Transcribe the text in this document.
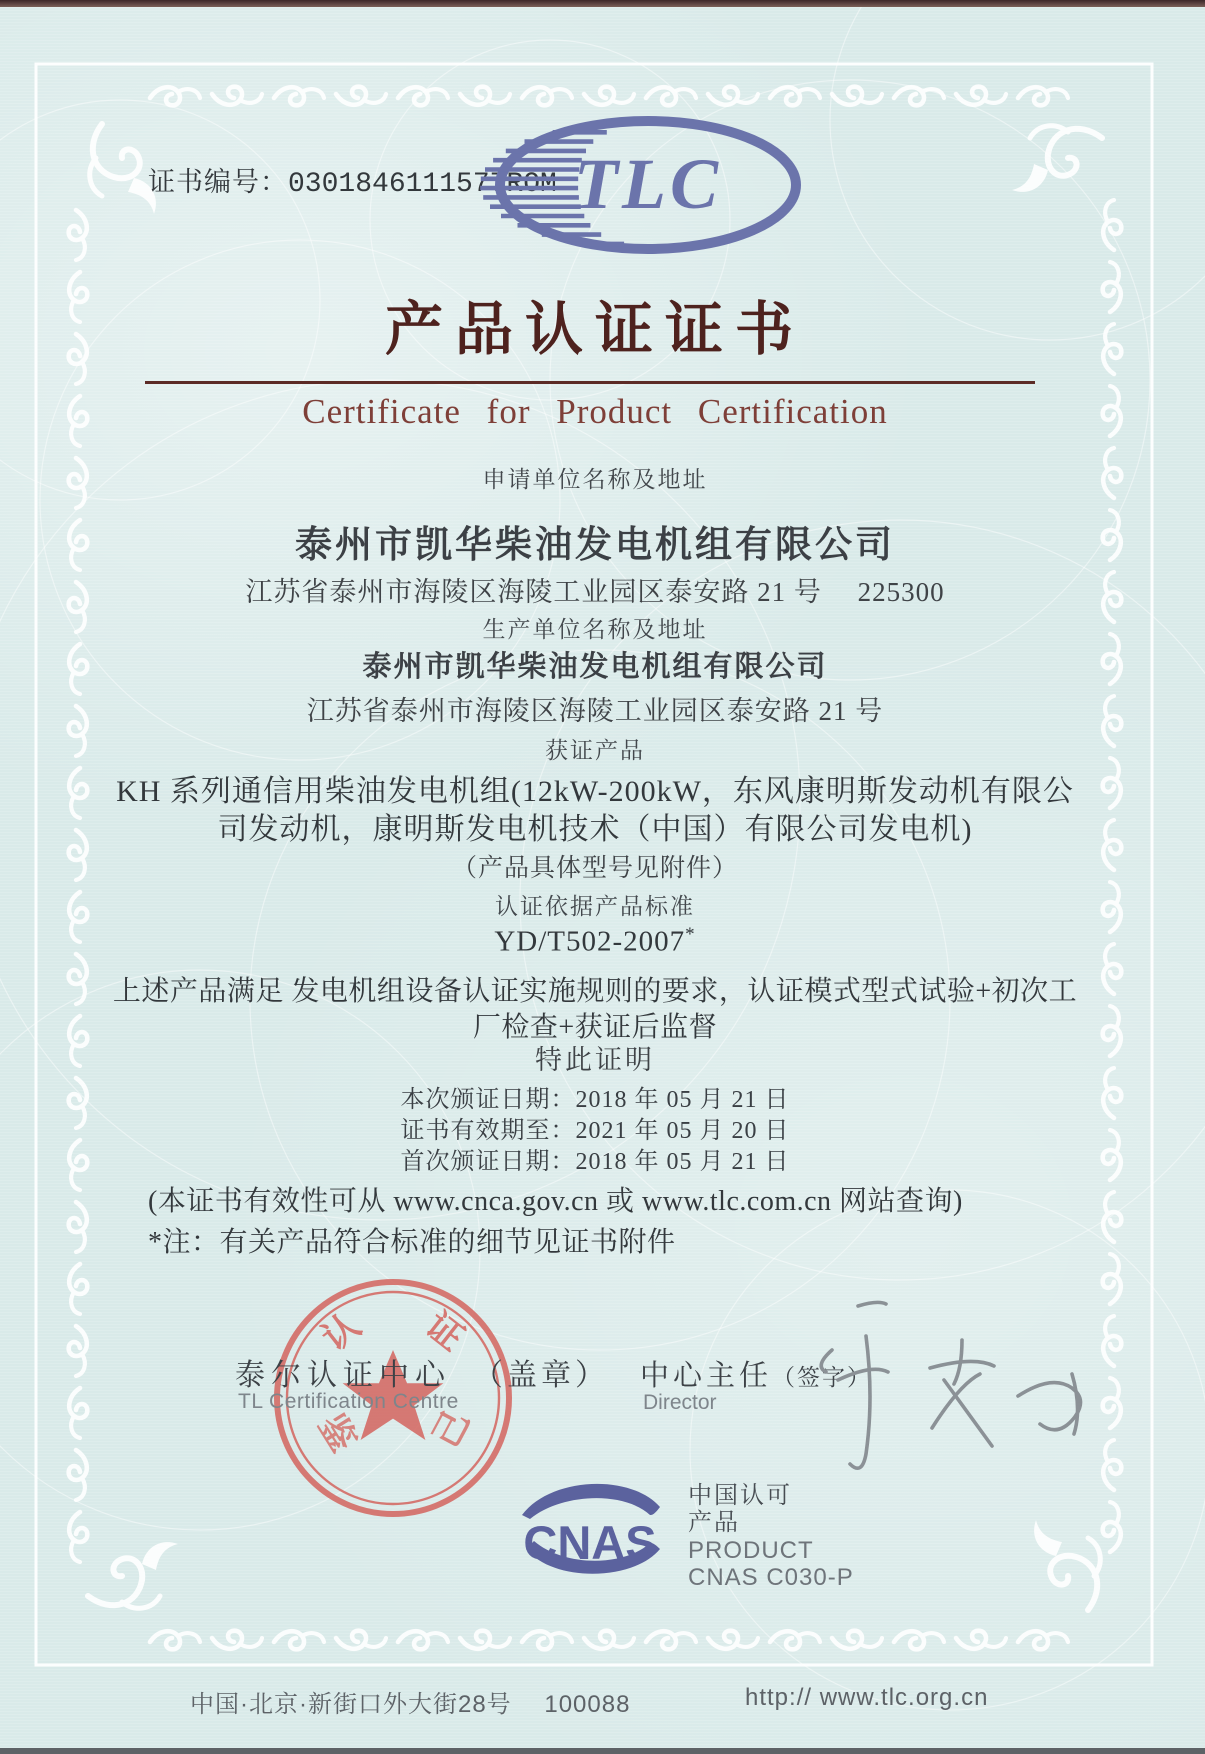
证书编号：0301846111577ROM TLC
产品认证证书
Certificate for Product Certification
申请单位名称及地址
泰州市凯华柴油发电机组有限公司
江苏省泰州市海陵区海陵工业园区泰安路 21 号　 225300
生产单位名称及地址
泰州市凯华柴油发电机组有限公司
江苏省泰州市海陵区海陵工业园区泰安路 21 号
获证产品
KH 系列通信用柴油发电机组(12kW-200kW，东风康明斯发动机有限公
司发动机，康明斯发电机技术（中国）有限公司发电机)
（产品具体型号见附件）
认证依据产品标准
YD/T502-2007*
上述产品满足 发电机组设备认证实施规则的要求，认证模式型式试验+初次工
厂检查+获证后监督
特此证明
本次颁证日期：2018 年 05 月 21 日
证书有效期至：2021 年 05 月 20 日
首次颁证日期：2018 年 05 月 21 日
(本证书有效性可从 www.cnca.gov.cn 或 www.tlc.com.cn 网站查询)
*注：有关产品符合标准的细节见证书附件
认 证
己
鉴
泰尔认证中心 （盖章）
TL Certification Centre
中心主任（签字）
Director
CNAS
中国认可
产品
PRODUCT
CNAS C030-P
中国·北京·新街口外大街28号　 100088	http:// www.tlc.org.cn
